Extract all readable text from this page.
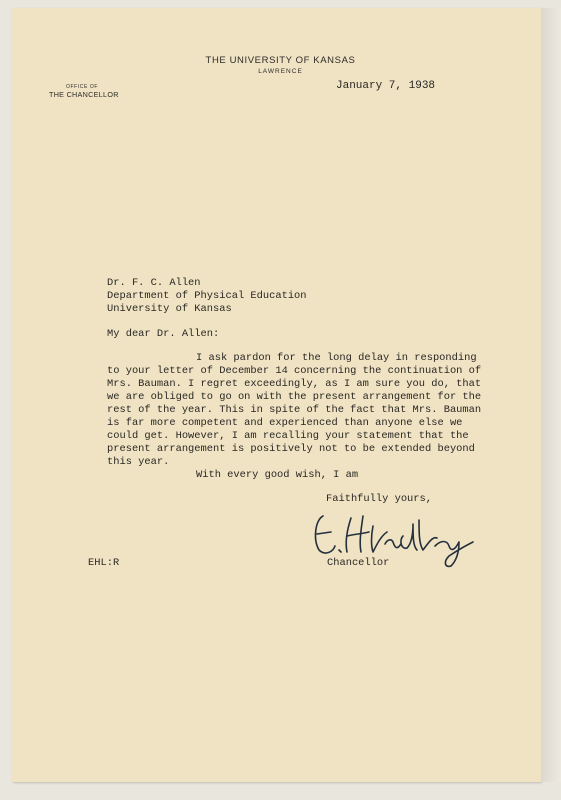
THE UNIVERSITY OF KANSAS
LAWRENCE
OFFICE OF
THE CHANCELLOR
January 7, 1938
Dr. F. C. Allen
Department of Physical Education
University of Kansas
My dear Dr. Allen:
I ask pardon for the long delay in responding
to your letter of December 14 concerning the continuation of
Mrs. Bauman. I regret exceedingly, as I am sure you do, that
we are obliged to go on with the present arrangement for the
rest of the year. This in spite of the fact that Mrs. Bauman
is far more competent and experienced than anyone else we
could get. However, I am recalling your statement that the
present arrangement is positively not to be extended beyond
this year.
With every good wish, I am
Faithfully yours,
Chancellor
EHL:R
